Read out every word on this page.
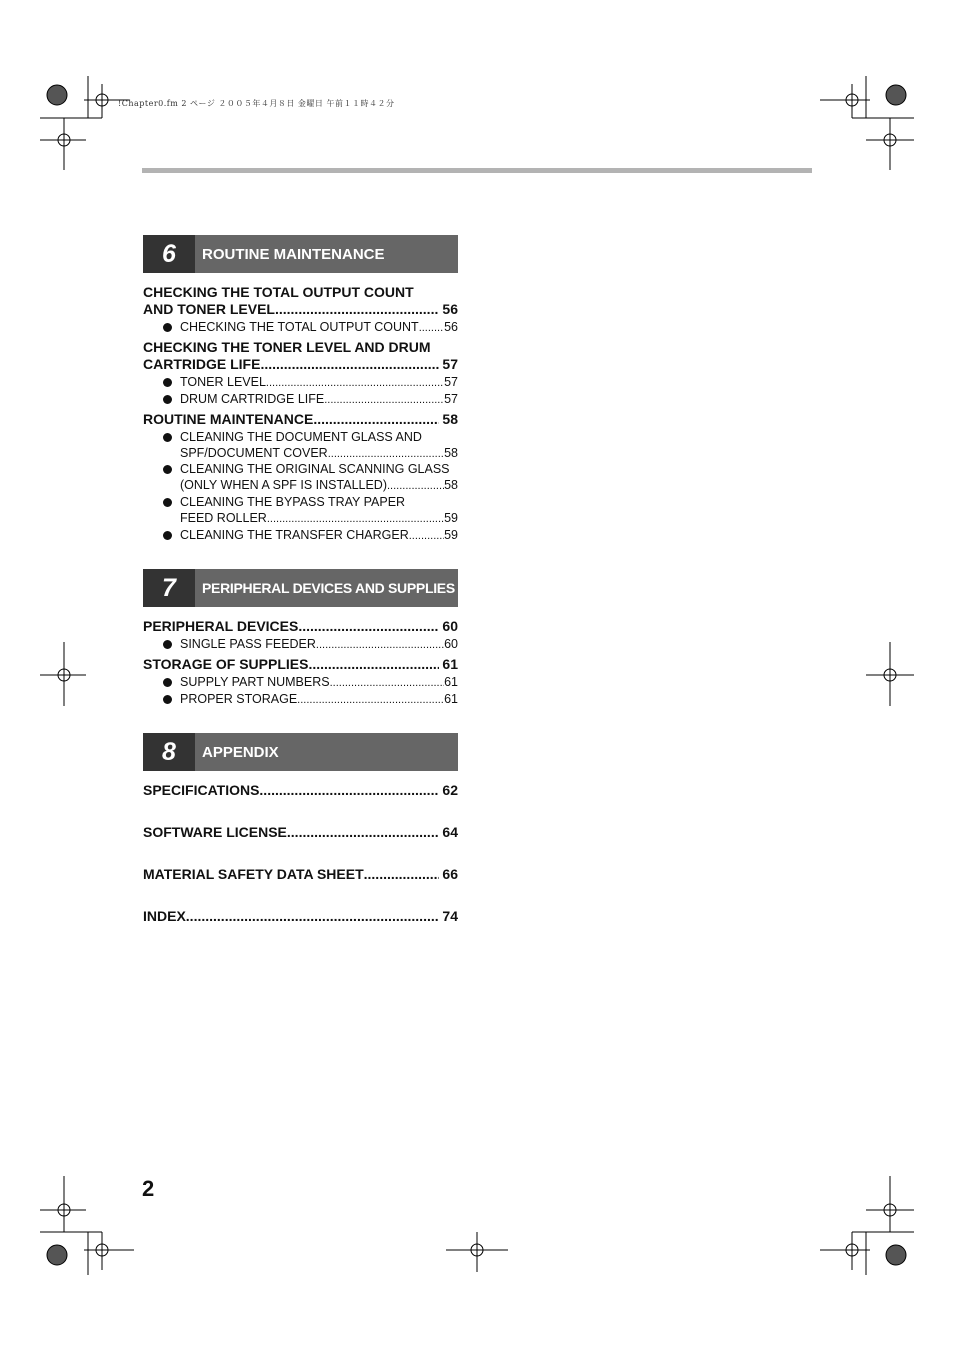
!Chapter0.fm 2 ページ ２００５年４月８日 金曜日 午前１１時４２分
6	ROUTINE MAINTENANCE
CHECKING THE TOTAL OUTPUT COUNT
AND TONER LEVEL .....	56
CHECKING THE TOTAL OUTPUT COUNT ..... 56
CHECKING THE TONER LEVEL AND DRUM
CARTRIDGE LIFE .....	57
TONER LEVEL .....	57
DRUM CARTRIDGE LIFE .....	57
ROUTINE MAINTENANCE .....	58
CLEANING THE DOCUMENT GLASS AND
SPF/DOCUMENT COVER .....	58
CLEANING THE ORIGINAL SCANNING GLASS
(ONLY WHEN A SPF IS INSTALLED) .....	58
CLEANING THE BYPASS TRAY PAPER
FEED ROLLER .....	59
CLEANING THE TRANSFER CHARGER .....	59
7	PERIPHERAL DEVICES AND SUPPLIES
PERIPHERAL DEVICES .....	60
SINGLE PASS FEEDER .....	60
STORAGE OF SUPPLIES .....	61
SUPPLY PART NUMBERS .....	61
PROPER STORAGE .....	61
8	APPENDIX
SPECIFICATIONS .....	62
SOFTWARE LICENSE .....	64
MATERIAL SAFETY DATA SHEET .....	66
INDEX .....	74
2
